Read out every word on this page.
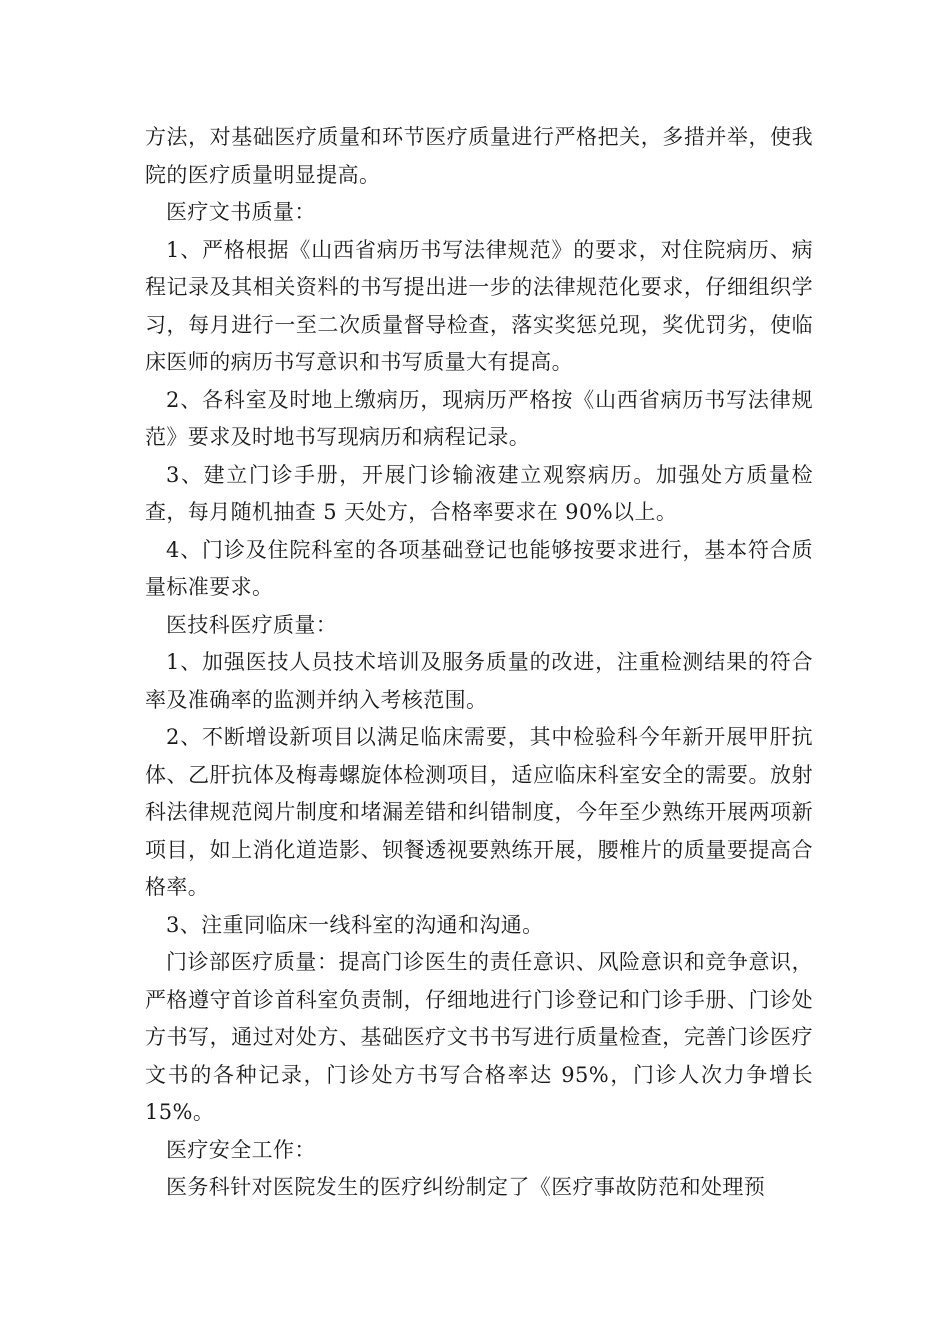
方法，对基础医疗质量和环节医疗质量进行严格把关，多措并举，使我院的医疗质量明显提高。

医疗文书质量：

1、严格根据《山西省病历书写法律规范》的要求，对住院病历、病程记录及其相关资料的书写提出进一步的法律规范化要求，仔细组织学习，每月进行一至二次质量督导检查，落实奖惩兑现，奖优罚劣，使临床医师的病历书写意识和书写质量大有提高。

2、各科室及时地上缴病历，现病历严格按《山西省病历书写法律规范》要求及时地书写现病历和病程记录。

3、建立门诊手册，开展门诊输液建立观察病历。加强处方质量检查，每月随机抽查 5 天处方，合格率要求在 90%以上。

4、门诊及住院科室的各项基础登记也能够按要求进行，基本符合质量标准要求。

医技科医疗质量：

1、加强医技人员技术培训及服务质量的改进，注重检测结果的符合率及准确率的监测并纳入考核范围。

2、不断增设新项目以满足临床需要，其中检验科今年新开展甲肝抗体、乙肝抗体及梅毒螺旋体检测项目，适应临床科室安全的需要。放射科法律规范阅片制度和堵漏差错和纠错制度，今年至少熟练开展两项新项目，如上消化道造影、钡餐透视要熟练开展，腰椎片的质量要提高合格率。

3、注重同临床一线科室的沟通和沟通。

门诊部医疗质量：提高门诊医生的责任意识、风险意识和竞争意识，严格遵守首诊首科室负责制，仔细地进行门诊登记和门诊手册、门诊处方书写，通过对处方、基础医疗文书书写进行质量检查，完善门诊医疗文书的各种记录，门诊处方书写合格率达 95%，门诊人次力争增长 15%。

医疗安全工作：

医务科针对医院发生的医疗纠纷制定了《医疗事故防范和处理预
